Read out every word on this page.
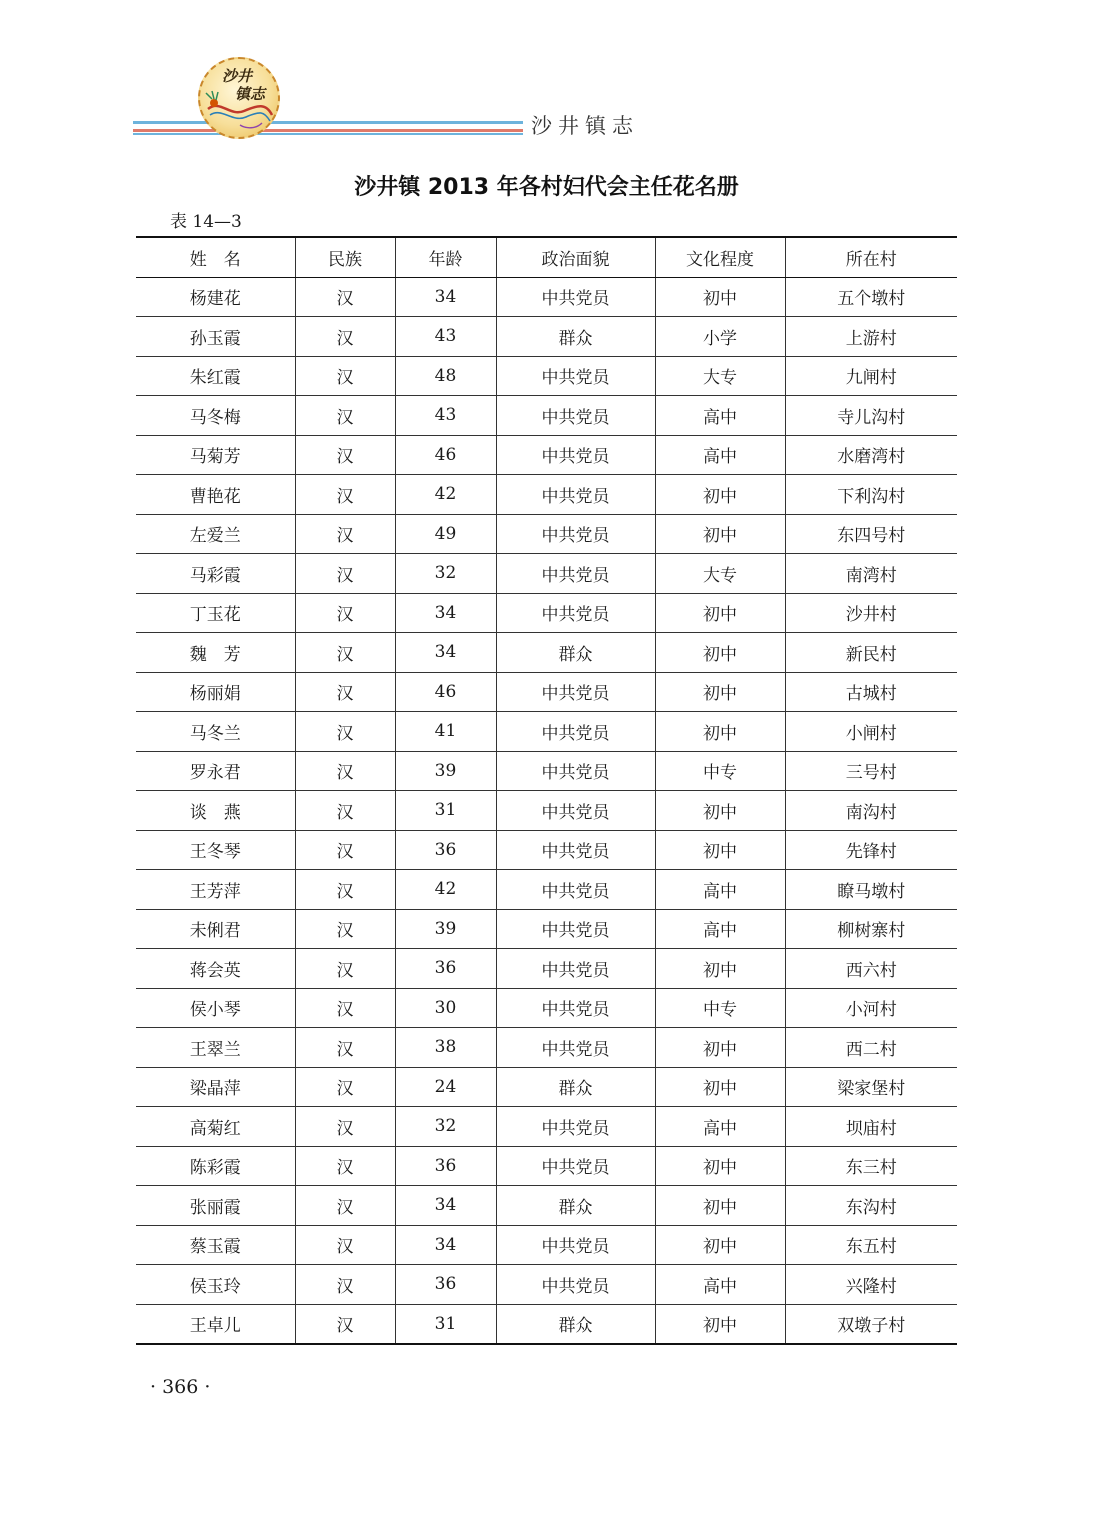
沙井
镇志
沙井镇志
沙井镇 2013 年各村妇代会主任花名册
表 14—3
姓　名	民族	年龄	政治面貌	文化程度	所在村
杨建花	汉	34	中共党员	初中	五个墩村
孙玉霞	汉	43	群众	小学	上游村
朱红霞	汉	48	中共党员	大专	九闸村
马冬梅	汉	43	中共党员	高中	寺儿沟村
马菊芳	汉	46	中共党员	高中	水磨湾村
曹艳花	汉	42	中共党员	初中	下利沟村
左爱兰	汉	49	中共党员	初中	东四号村
马彩霞	汉	32	中共党员	大专	南湾村
丁玉花	汉	34	中共党员	初中	沙井村
魏　芳	汉	34	群众	初中	新民村
杨丽娟	汉	46	中共党员	初中	古城村
马冬兰	汉	41	中共党员	初中	小闸村
罗永君	汉	39	中共党员	中专	三号村
谈　燕	汉	31	中共党员	初中	南沟村
王冬琴	汉	36	中共党员	初中	先锋村
王芳萍	汉	42	中共党员	高中	瞭马墩村
未俐君	汉	39	中共党员	高中	柳树寨村
蒋会英	汉	36	中共党员	初中	西六村
侯小琴	汉	30	中共党员	中专	小河村
王翠兰	汉	38	中共党员	初中	西二村
梁晶萍	汉	24	群众	初中	梁家堡村
高菊红	汉	32	中共党员	高中	坝庙村
陈彩霞	汉	36	中共党员	初中	东三村
张丽霞	汉	34	群众	初中	东沟村
蔡玉霞	汉	34	中共党员	初中	东五村
侯玉玲	汉	36	中共党员	高中	兴隆村
王卓儿	汉	31	群众	初中	双墩子村
· 366 ·
